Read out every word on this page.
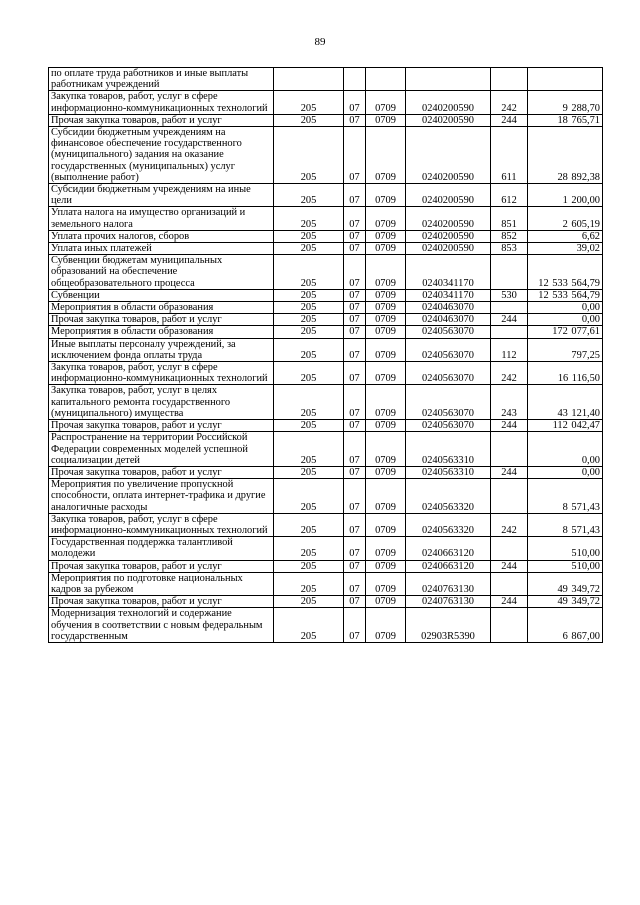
89
по оплате труда работников и иные выплаты работникам учреждений						
Закупка товаров, работ, услуг в сфере информационно-коммуникационных технологий	205	07	0709	0240200590	242	9 288,70
Прочая закупка товаров, работ и услуг	205	07	0709	0240200590	244	18 765,71
Субсидии бюджетным учреждениям на финансовое обеспечение государственного (муниципального) задания на оказание государственных (муниципальных) услуг (выполнение работ)	205	07	0709	0240200590	611	28 892,38
Субсидии бюджетным учреждениям на иные цели	205	07	0709	0240200590	612	1 200,00
Уплата налога на имущество организаций и земельного налога	205	07	0709	0240200590	851	2 605,19
Уплата прочих налогов, сборов	205	07	0709	0240200590	852	6,62
Уплата иных платежей	205	07	0709	0240200590	853	39,02
Субвенции бюджетам муниципальных образований на обеспечение общеобразовательного процесса	205	07	0709	0240341170		12 533 564,79
Субвенции	205	07	0709	0240341170	530	12 533 564,79
Мероприятия в области образования	205	07	0709	0240463070		0,00
Прочая закупка товаров, работ и услуг	205	07	0709	0240463070	244	0,00
Мероприятия в области образования	205	07	0709	0240563070		172 077,61
Иные выплаты персоналу учреждений, за исключением фонда оплаты труда	205	07	0709	0240563070	112	797,25
Закупка товаров, работ, услуг в сфере информационно-коммуникационных технологий	205	07	0709	0240563070	242	16 116,50
Закупка товаров, работ, услуг в целях капитального ремонта государственного (муниципального) имущества	205	07	0709	0240563070	243	43 121,40
Прочая закупка товаров, работ и услуг	205	07	0709	0240563070	244	112 042,47
Распространение на территории Российской Федерации современных моделей успешной социализации детей	205	07	0709	0240563310		0,00
Прочая закупка товаров, работ и услуг	205	07	0709	0240563310	244	0,00
Мероприятия по увеличение пропускной способности, оплата интернет-трафика и другие аналогичные расходы	205	07	0709	0240563320		8 571,43
Закупка товаров, работ, услуг в сфере информационно-коммуникационных технологий	205	07	0709	0240563320	242	8 571,43
Государственная поддержка талантливой молодежи	205	07	0709	0240663120		510,00
Прочая закупка товаров, работ и услуг	205	07	0709	0240663120	244	510,00
Мероприятия по подготовке национальных кадров за рубежом	205	07	0709	0240763130		49 349,72
Прочая закупка товаров, работ и услуг	205	07	0709	0240763130	244	49 349,72
Модернизация технологий и содержание обучения в соответствии с новым федеральным государственным	205	07	0709	02903R5390		6 867,00
